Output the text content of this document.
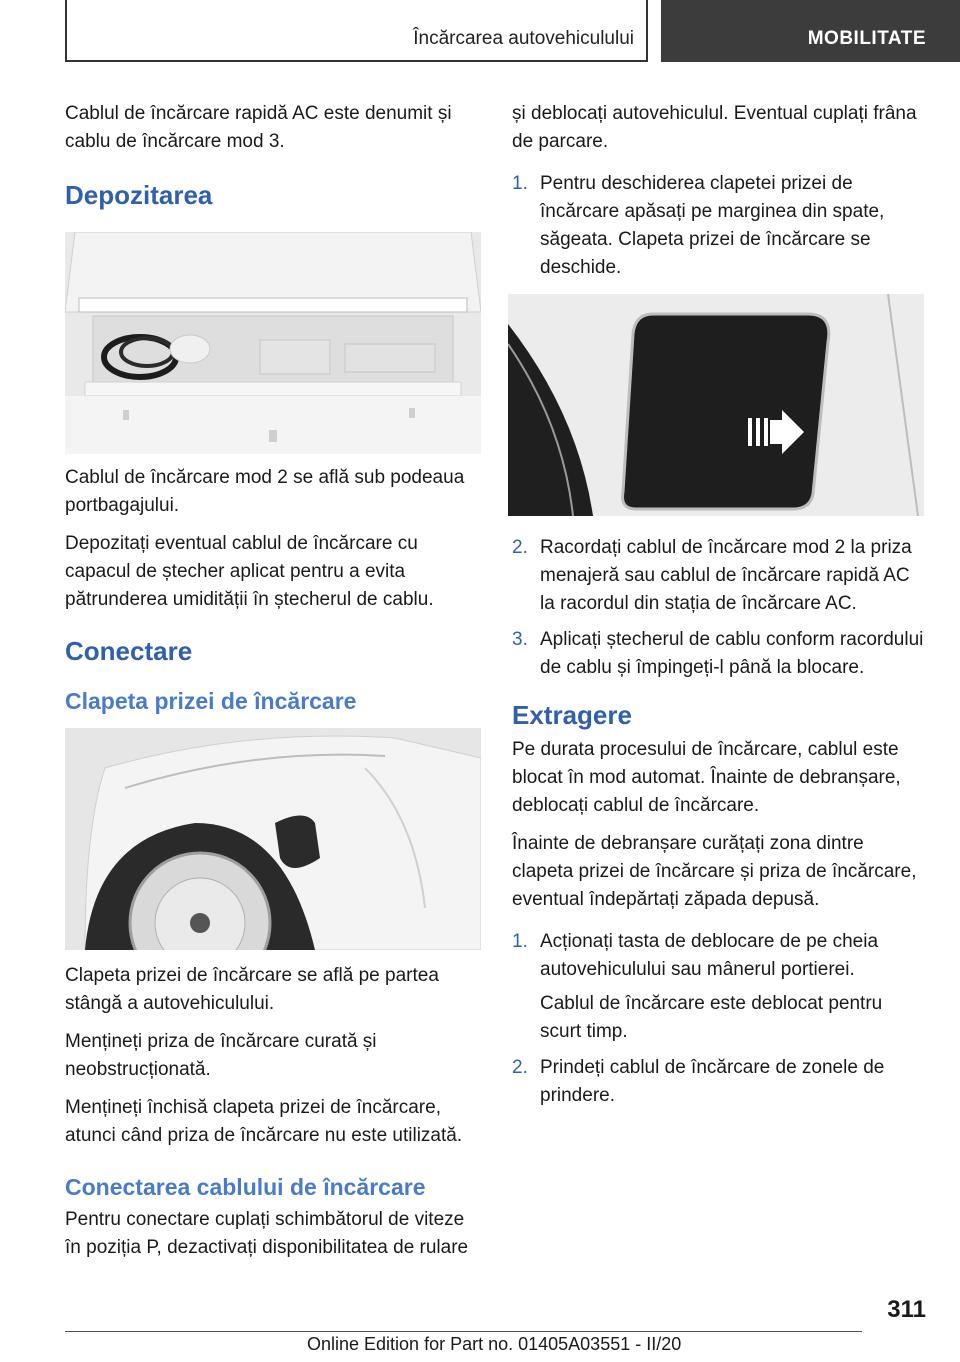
Încărcarea autovehiculului	MOBILITATE

Cablul de încărcare rapidă AC este denumit și cablu de încărcare mod 3.

Depozitarea

Cablul de încărcare mod 2 se află sub podeaua portbagajului.

Depozitați eventual cablul de încărcare cu capacul de ștecher aplicat pentru a evita pătrunderea umidității în ștecherul de cablu.

Conectare
Clapeta prizei de încărcare

Clapeta prizei de încărcare se află pe partea stângă a autovehiculului.

Mențineți priza de încărcare curată și neobstrucționată.

Mențineți închisă clapeta prizei de încărcare, atunci când priza de încărcare nu este utilizată.

Conectarea cablului de încărcare

Pentru conectare cuplați schimbătorul de viteze în poziția P, dezactivați disponibilitatea de rulare

și deblocați autovehiculul. Eventual cuplați frâna de parcare.

1. Pentru deschiderea clapetei prizei de încărcare apăsați pe marginea din spate, săgeata. Clapeta prizei de încărcare se deschide.
2. Racordați cablul de încărcare mod 2 la priza menajeră sau cablul de încărcare rapidă AC la racordul din stația de încărcare AC.
3. Aplicați ștecherul de cablu conform racordului de cablu și împingeți-l până la blocare.
Extragere

Pe durata procesului de încărcare, cablul este blocat în mod automat. Înainte de debranșare, deblocați cablul de încărcare.

Înainte de debranșare curățați zona dintre clapeta prizei de încărcare și priza de încărcare, eventual îndepărtați zăpada depusă.

1. Acționați tasta de deblocare de pe cheia autovehiculului sau mânerul portierei.
Cablul de încărcare este deblocat pentru scurt timp.
2. Prindeți cablul de încărcare de zonele de prindere.
311
Online Edition for Part no. 01405A03551 - II/20
